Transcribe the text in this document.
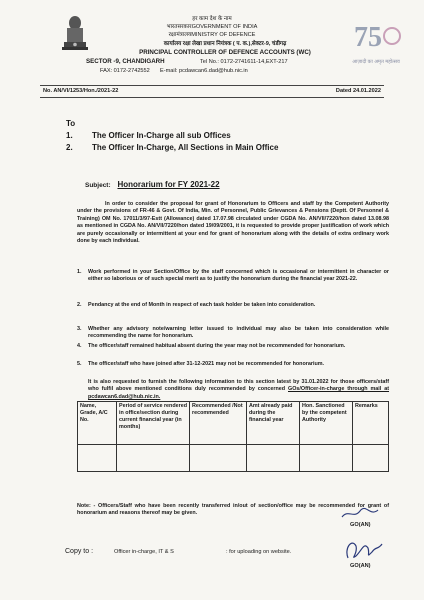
75
आज़ादी का अमृत महोत्सव
हर काम देश के नाम
भारतसरकारGOVERNMENT OF INDIA
रक्षामंत्रालयMINISTRY OF DEFENCE
कार्यालय रक्षा लेखा प्रधान नियंत्रक ( प. क.),सेक्टर-9, चंडीगढ़
PRINCIPAL CONTROLLER OF DEFENCE ACCOUNTS (WC)
SECTOR -9, CHANDIGARH	Tel No.: 0172-2741611-14,EXT-217
FAX: 0172-2742552 E-mail: pcdawcan6.dad@hub.nic.in
No. AN/VI/1253/Hon./2021-22	Dated 24.01.2022
To
1. The Officer In-Charge all sub Offices
2. The Officer In-Charge, All Sections in Main Office
Subject: Honorarium for FY 2021-22
In order to consider the proposal for grant of Honorarium to Officers and staff by the Competent Authority under the provisions of FR-46 & Govt. Of India, Min. of Personnel, Public Grievances & Pensions (Deptt. Of Personnel & Training) OM No. 17011/3/97-Estt (Allowance) dated 17.07.98 circulated under CGDA No. AN/VII/7220/hon dated 13.08.98 as mentioned in CGDA No. AN/VII/7220/hon dated 19/09/2001, it is requested to provide proper justification of work which are purely occasionally or intermittent at your end for grant of honorarium along with the details of extra ordinary work done by each individual.
1.	Work performed in your Section/Office by the staff concerned which is occasional or intermittent in character or either so laborious or of such special merit as to justify the honorarium during the financial year 2021-22.
2.	Pendancy at the end of Month in respect of each task holder be taken into consideration.
3.	Whether any advisory note/warning letter issued to individual may also be taken into consideration while recommending the name for honorarium.
4.	The officer/staff remained habitual absent during the year may not be recommended for honorarium.
5.	The officer/staff who have joined after 31-12-2021 may not be recommended for honorarium.
It is also requested to furnish the following information to this section latest by 31.01.2022 for those officers/staff who fulfil above mentioned conditions duly recommended by concerned GOs/Officer-in-charge through mail at pcdawcan6.dad@hub.nic.in.
Name, Grade, A/C No.	Period of service rendered in office/section during current financial year (in months)	Recommended /Not recommended	Amt already paid during the financial year	Hon. Sanctioned by the competent Authority	Remarks

Note: - Officers/Staff who have been recently transferred in/out of section/office may be recommended for grant of honorarium and reasons thereof may be given.
GO(AN)
Copy to :	Officer in-charge, IT & S	: for uploading on website.
GO(AN)
